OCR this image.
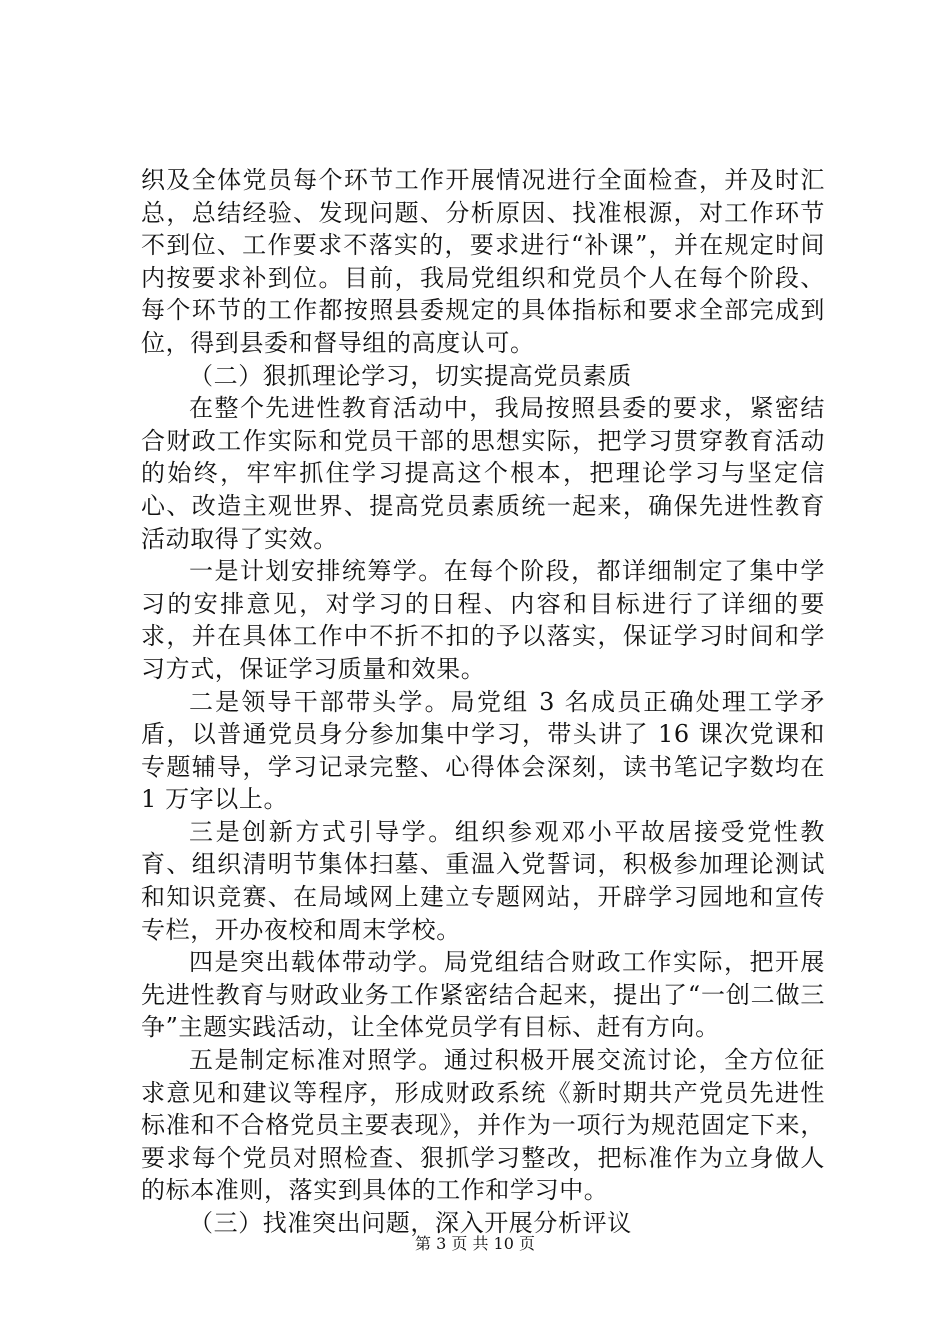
织及全体党员每个环节工作开展情况进行全面检查，并及时汇总，总结经验、发现问题、分析原因、找准根源，对工作环节不到位、工作要求不落实的，要求进行“补课”，并在规定时间内按要求补到位。目前，我局党组织和党员个人在每个阶段、每个环节的工作都按照县委规定的具体指标和要求全部完成到位，得到县委和督导组的高度认可。

（二）狠抓理论学习，切实提高党员素质

在整个先进性教育活动中，我局按照县委的要求，紧密结合财政工作实际和党员干部的思想实际，把学习贯穿教育活动的始终，牢牢抓住学习提高这个根本，把理论学习与坚定信心、改造主观世界、提高党员素质统一起来，确保先进性教育活动取得了实效。

一是计划安排统筹学。在每个阶段，都详细制定了集中学习的安排意见，对学习的日程、内容和目标进行了详细的要求，并在具体工作中不折不扣的予以落实，保证学习时间和学习方式，保证学习质量和效果。

二是领导干部带头学。局党组 3 名成员正确处理工学矛盾，以普通党员身分参加集中学习，带头讲了 16 课次党课和专题辅导，学习记录完整、心得体会深刻，读书笔记字数均在 1 万字以上。

三是创新方式引导学。组织参观邓小平故居接受党性教育、组织清明节集体扫墓、重温入党誓词，积极参加理论测试和知识竞赛、在局域网上建立专题网站，开辟学习园地和宣传专栏，开办夜校和周末学校。

四是突出载体带动学。局党组结合财政工作实际，把开展先进性教育与财政业务工作紧密结合起来，提出了“一创二做三争”主题实践活动，让全体党员学有目标、赶有方向。

五是制定标准对照学。通过积极开展交流讨论，全方位征求意见和建议等程序，形成财政系统《新时期共产党员先进性标准和不合格党员主要表现》，并作为一项行为规范固定下来，要求每个党员对照检查、狠抓学习整改，把标准作为立身做人的标本准则，落实到具体的工作和学习中。

（三）找准突出问题，深入开展分析评议

第 3 页 共 10 页
